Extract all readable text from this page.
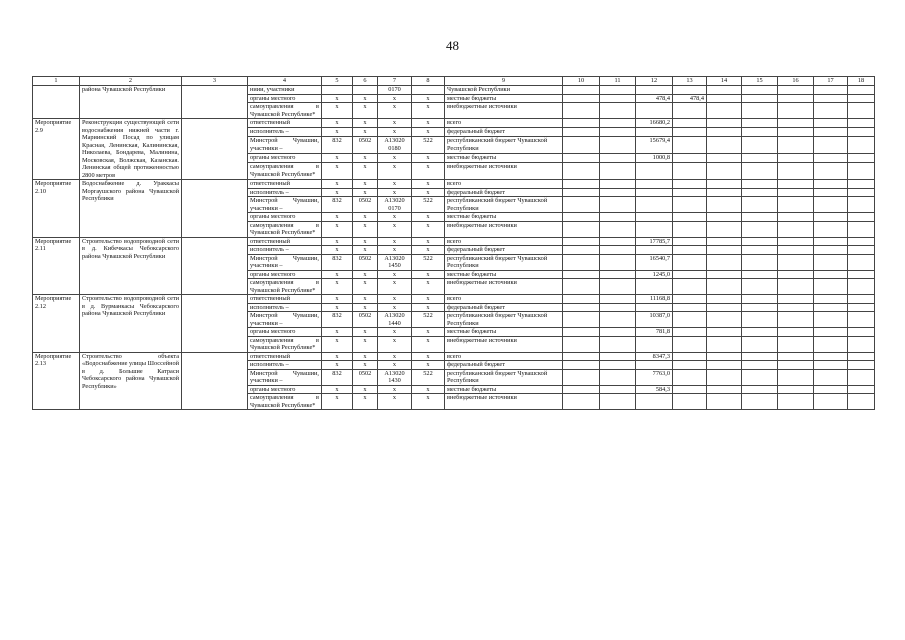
48
1	2	3	4	5	6	7	8	9	10	11	12	13	14	15	16	17	18
	района Чувашской Республики		ниии, участники			0170		Чувашской Республики									
			органы местного	x	x	x	x	местные бюджеты			478,4	478,4					
			самоуправления в Чувашской Республике*	x	x	x	x	внебюджетные источники									
Мероприятие 2.9	Реконструкция существующей сети водоснабжения нижней части г. Мариинский Посад по улицам Красная, Ленинская, Калининская, Николаева, Бондарева, Малинина, Московская, Волжская, Казанская. Ленинская общей протяженностью 2800 метров		ответственный	x	x	x	x	всего			16680,2						
			исполнитель –	x	x	x	x	федеральный бюджет									
			Минстрой Чувашии, участники –	832	0502	A13020 0180	522	республиканский бюджет Чувашской Республики			15679,4						
			органы местного	x	x	x	x	местные бюджеты			1000,8						
			самоуправления в Чувашской Республике*	x	x	x	x	внебюджетные источники									
Мероприятие 2.10	Водоснабжение д. Ураккасы Моргаушского района Чувашской Республики		ответственный	x	x	x	x	всего									
			исполнитель –	x	x	x	x	федеральный бюджет									
			Минстрой Чувашии, участники –	832	0502	A13020 0170	522	республиканский бюджет Чувашской Республики									
			органы местного	x	x	x	x	местные бюджеты									
			самоуправления в Чувашской Республике*	x	x	x	x	внебюджетные источники									
Мероприятие 2.11	Строительство водопроводной сети в д. Кибечкасы Чебоксарского района Чувашской Республики		ответственный	x	x	x	x	всего			17785,7						
			исполнитель –	x	x	x	x	федеральный бюджет									
			Минстрой Чувашии, участники –	832	0502	A13020 1450	522	республиканский бюджет Чувашской Республики			16540,7						
			органы местного	x	x	x	x	местные бюджеты			1245,0						
			самоуправления в Чувашской Республике*	x	x	x	x	внебюджетные источники									
Мероприятие 2.12	Строительство водопроводной сети в д. Вурманкасы Чебоксарского района Чувашской Республики		ответственный	x	x	x	x	всего			11168,8						
			исполнитель –	x	x	x	x	федеральный бюджет									
			Минстрой Чувашии, участники –	832	0502	A13020 1440	522	республиканский бюджет Чувашской Республики			10387,0						
			органы местного	x	x	x	x	местные бюджеты			781,8						
			самоуправления в Чувашской Республике*	x	x	x	x	внебюджетные источники									
Мероприятие 2.13	Строительство объекта «Водоснабжение улицы Шоссейной в д. Большие Катраси Чебоксарского района Чувашской Республики»		ответственный	x	x	x	x	всего			8347,3						
			исполнитель –	x	x	x	x	федеральный бюджет									
			Минстрой Чувашии, участники –	832	0502	A13020 1430	522	республиканский бюджет Чувашской Республики			7763,0						
			органы местного	x	x	x	x	местные бюджеты			584,3						
			самоуправления в Чувашской Республике*	x	x	x	x	внебюджетные источники									
